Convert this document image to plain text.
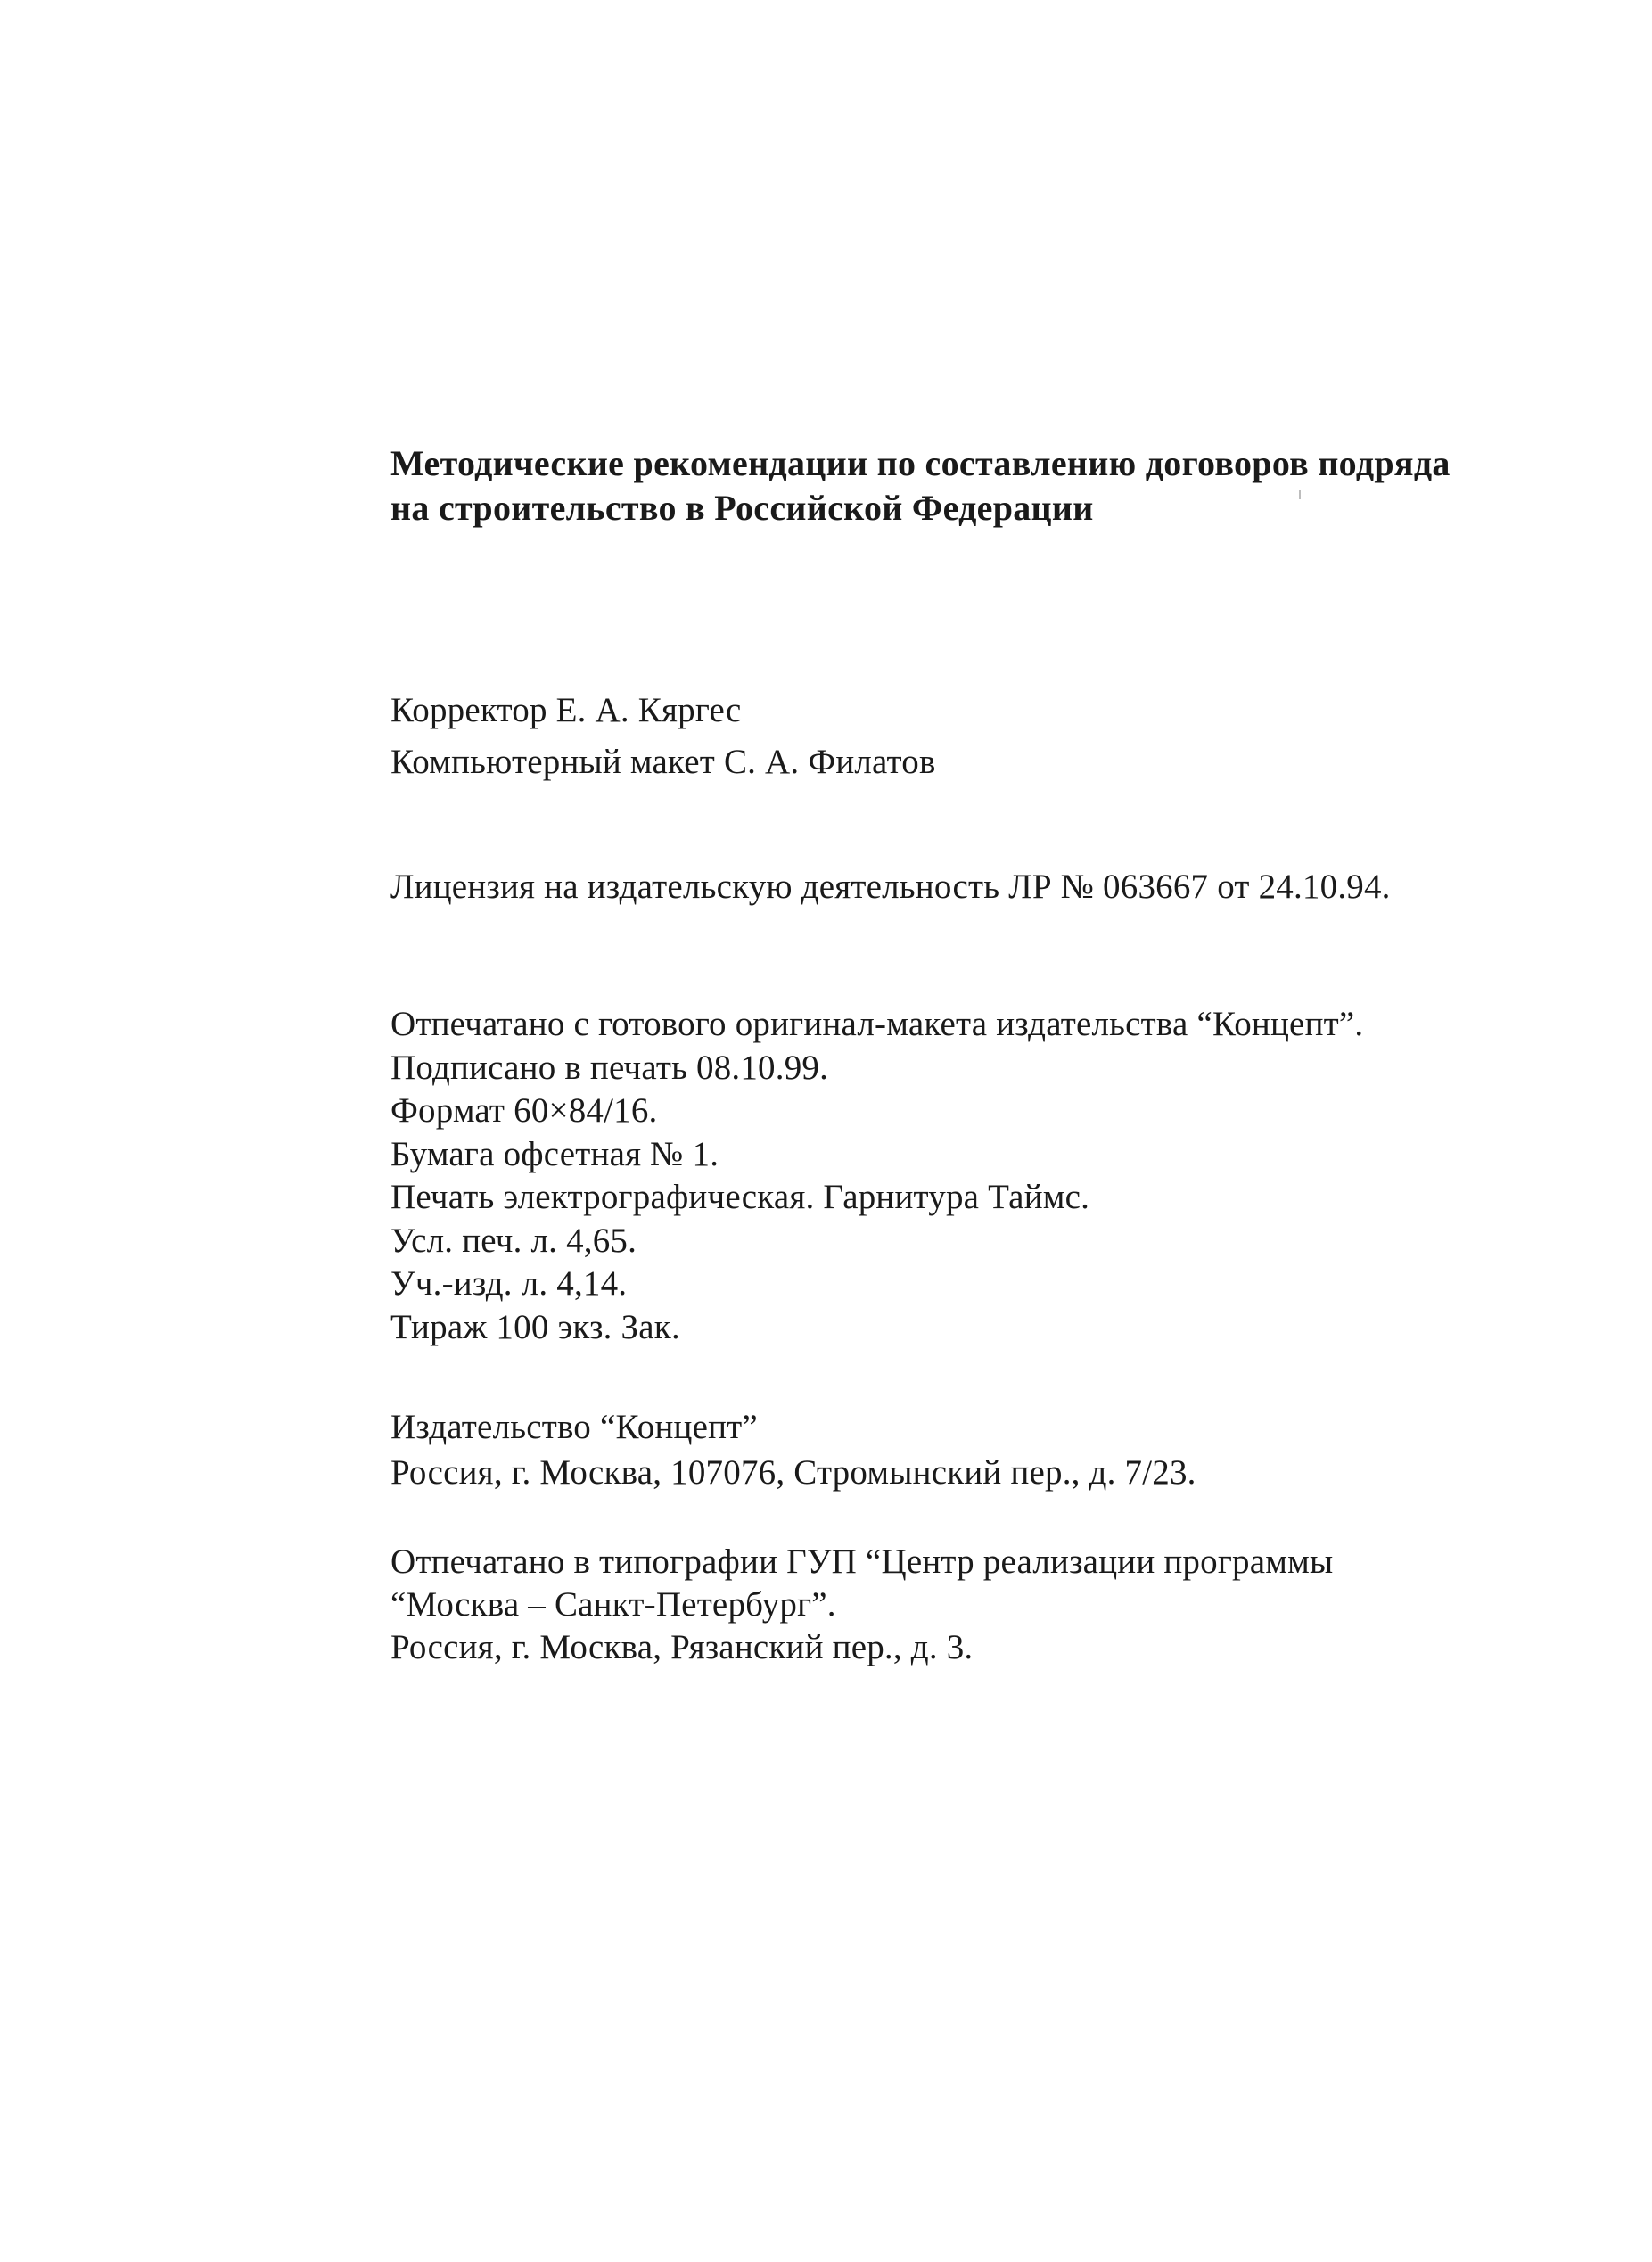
Методические рекомендации по составлению договоров подряда
на строительство в Российской Федерации
Корректор Е. А. Кяргес
Компьютерный макет С. А. Филатов
Лицензия на издательскую деятельность ЛР № 063667 от 24.10.94.
Отпечатано с готового оригинал-макета издательства “Концепт”.
Подписано в печать 08.10.99.
Формат 60×84/16.
Бумага офсетная № 1.
Печать электрографическая. Гарнитура Таймс.
Усл. печ. л. 4,65.
Уч.-изд. л. 4,14.
Тираж 100 экз. Зак.
Издательство “Концепт”
Россия, г. Москва, 107076, Стромынский пер., д. 7/23.
Отпечатано в типографии ГУП “Центр реализации программы
“Москва – Санкт-Петербург”.
Россия, г. Москва, Рязанский пер., д. 3.
